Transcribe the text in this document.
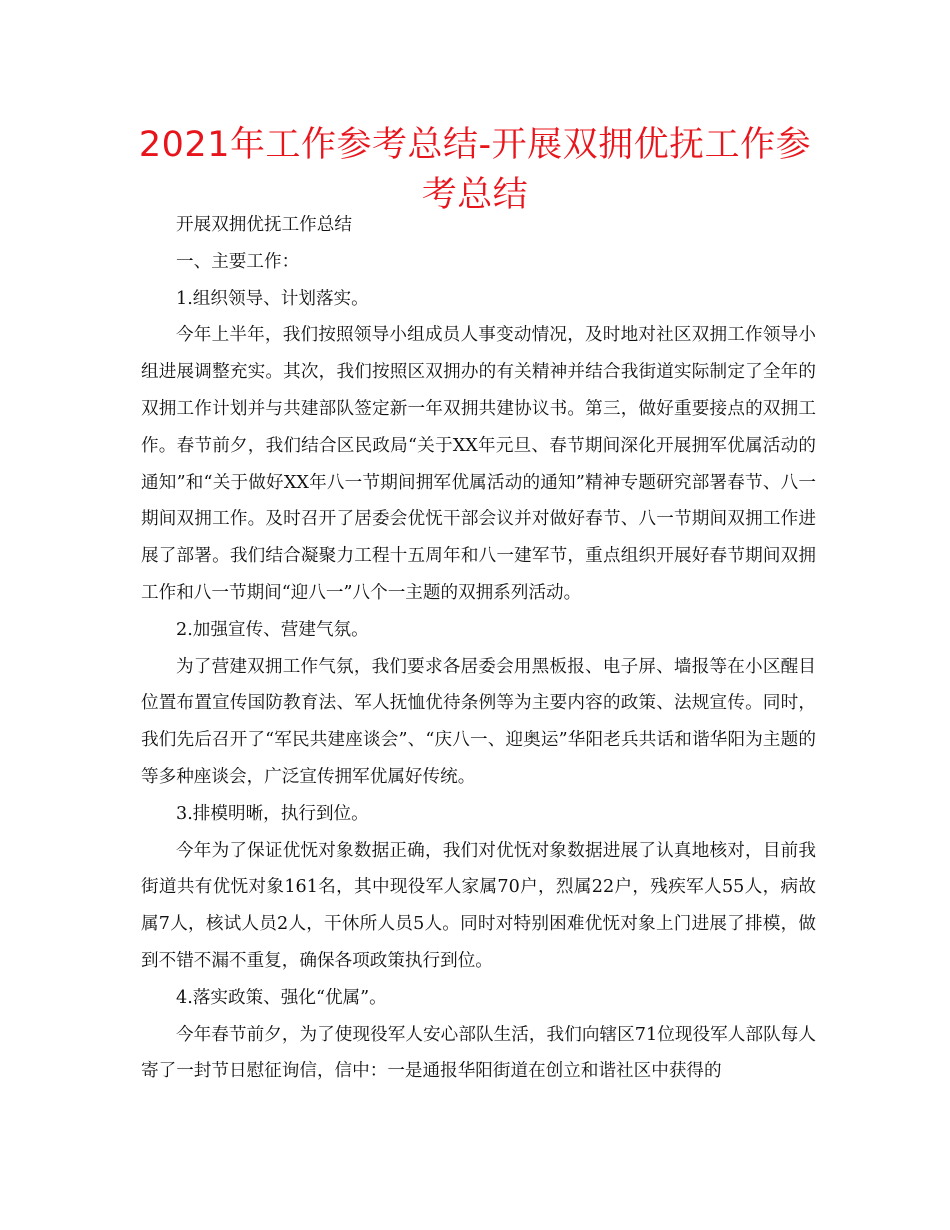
2021年工作参考总结-开展双拥优抚工作参考总结

开展双拥优抚工作总结

一、主要工作：

1.组织领导、计划落实。

今年上半年，我们按照领导小组成员人事变动情况，及时地对社区双拥工作领导小组进展调整充实。其次，我们按照区双拥办的有关精神并结合我街道实际制定了全年的双拥工作计划并与共建部队签定新一年双拥共建协议书。第三，做好重要接点的双拥工作。春节前夕，我们结合区民政局“关于XX年元旦、春节期间深化开展拥军优属活动的通知”和“关于做好XX年八一节期间拥军优属活动的通知”精神专题研究部署春节、八一期间双拥工作。及时召开了居委会优怃干部会议并对做好春节、八一节期间双拥工作进展了部署。我们结合凝聚力工程十五周年和八一建军节，重点组织开展好春节期间双拥工作和八一节期间“迎八一”八个一主题的双拥系列活动。

2.加强宣传、营建气氛。

为了营建双拥工作气氛，我们要求各居委会用黑板报、电子屏、墙报等在小区醒目位置布置宣传国防教育法、军人抚恤优待条例等为主要内容的政策、法规宣传。同时，我们先后召开了“军民共建座谈会”、“庆八一、迎奥运”华阳老兵共话和谐华阳为主题的等多种座谈会，广泛宣传拥军优属好传统。

3.排模明晰，执行到位。

今年为了保证优怃对象数据正确，我们对优怃对象数据进展了认真地核对，目前我街道共有优怃对象161名，其中现役军人家属70户，烈属22户，残疾军人55人，病故属7人，核试人员2人，干休所人员5人。同时对特别困难优怃对象上门进展了排模，做到不错不漏不重复，确保各项政策执行到位。

4.落实政策、强化“优属”。

今年春节前夕，为了使现役军人安心部队生活，我们向辖区71位现役军人部队每人寄了一封节日慰征询信，信中：一是通报华阳街道在创立和谐社区中获得的
